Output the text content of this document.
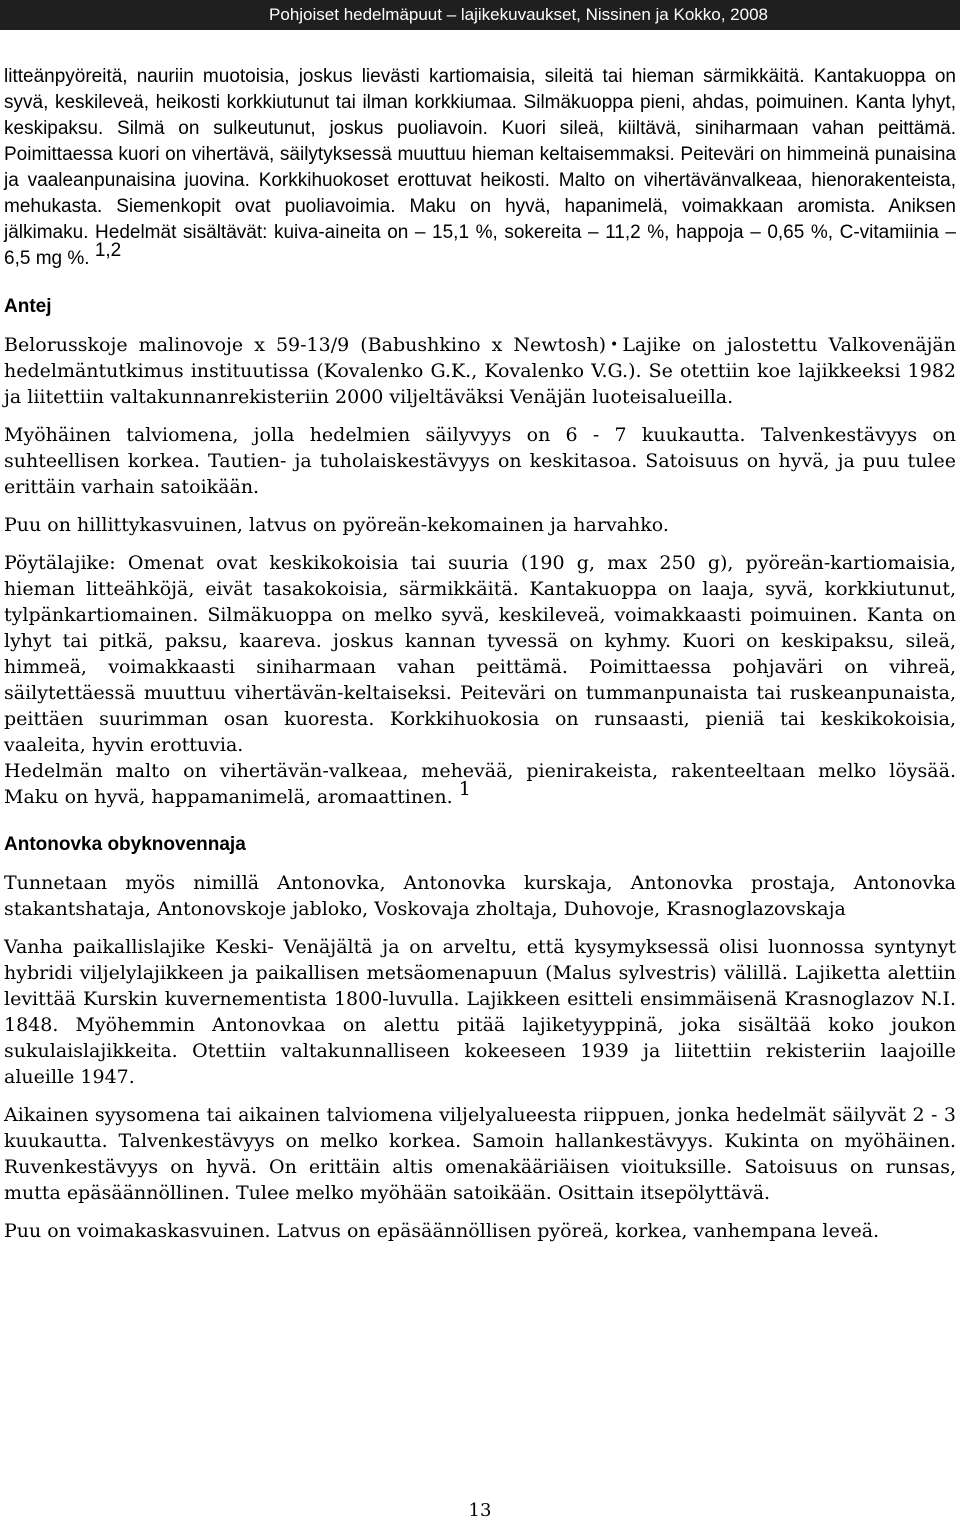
Pohjoiset hedelmäpuut – lajikekuvaukset, Nissinen ja Kokko, 2008

litteänpyöreitä, nauriin muotoisia, joskus lievästi kartiomaisia, sileitä tai hieman särmikkäitä. Kantakuoppa on syvä, keskileveä, heikosti korkkiutunut tai ilman korkkiumaa. Silmäkuoppa pieni, ahdas, poimuinen. Kanta lyhyt, keskipaksu. Silmä on sulkeutunut, joskus puoliavoin. Kuori sileä, kiiltävä, siniharmaan vahan peittämä. Poimittaessa kuori on vihertävä, säilytyksessä muuttuu hieman keltaisemmaksi. Peiteväri on himmeinä punaisina ja vaaleanpunaisina juovina. Korkkihuokoset erottuvat heikosti. Malto on vihertävänvalkeaa, hienorakenteista, mehukasta. Siemenkopit ovat puoliavoimia. Maku on hyvä, hapanimelä, voimakkaan aromista. Aniksen jälkimaku. Hedelmät sisältävät: kuiva-aineita on – 15,1 %, sokereita – 11,2 %, happoja – 0,65 %, C-vitamiinia – 6,5 mg %. $^{1,2}$

Antej

Belorusskoje malinovoje x 59-13/9 (Babushkino x Newtosh) • Lajike on jalostettu Valkovenäjän hedelmäntutkimus instituutissa (Kovalenko G.K., Kovalenko V.G.). Se otettiin koe lajikkeeksi 1982 ja liitettiin valtakunnanrekisteriin 2000 viljeltäväksi Venäjän luoteisalueilla.

Myöhäinen talviomena, jolla hedelmien säilyvyys on 6 - 7 kuukautta. Talvenkestävyys on suhteellisen korkea. Tautien- ja tuholaiskestävyys on keskitasoa. Satoisuus on hyvä, ja puu tulee erittäin varhain satoikään.

Puu on hillittykasvuinen, latvus on pyöreän-kekomainen ja harvahko.

Pöytälajike: Omenat ovat keskikokoisia tai suuria (190 g, max 250 g), pyöreän-kartiomaisia, hieman litteähköjä, eivät tasakokoisia, särmikkäitä. Kantakuoppa on laaja, syvä, korkkiutunut, tylpänkartiomainen. Silmäkuoppa on melko syvä, keskileveä, voimakkaasti poimuinen. Kanta on lyhyt tai pitkä, paksu, kaareva. joskus kannan tyvessä on kyhmy. Kuori on keskipaksu, sileä, himmeä, voimakkaasti siniharmaan vahan peittämä. Poimittaessa pohjaväri on vihreä, säilytettäessä muuttuu vihertävän-keltaiseksi. Peiteväri on tummanpunaista tai ruskeanpunaista, peittäen suurimman osan kuoresta. Korkkihuokosia on runsaasti, pieniä tai keskikokoisia, vaaleita, hyvin erottuvia.

Hedelmän malto on vihertävän-valkeaa, mehevää, pienirakeista, rakenteeltaan melko löysää. Maku on hyvä, happamanimelä, aromaattinen. $^1$

Antonovka obyknovennaja

Tunnetaan myös nimillä Antonovka, Antonovka kurskaja, Antonovka prostaja, Antonovka stakantshataja, Antonovskoje jabloko, Voskovaja zholtaja, Duhovoje, Krasnoglazovskaja

Vanha paikallislajike Keski- Venäjältä ja on arveltu, että kysymyksessä olisi luonnossa syntynyt hybridi viljelylajikkeen ja paikallisen metsäomenapuun (Malus sylvestris) välillä. Lajiketta alettiin levittää Kurskin kuvernementista 1800-luvulla. Lajikkeen esitteli ensimmäisenä Krasnoglazov N.I. 1848. Myöhemmin Antonovkaa on alettu pitää lajiketyyppinä, joka sisältää koko joukon sukulaislajikkeita. Otettiin valtakunnalliseen kokeeseen 1939 ja liitettiin rekisteriin laajoille alueille 1947.

Aikainen syysomena tai aikainen talviomena viljelyalueesta riippuen, jonka hedelmät säilyvät 2 - 3 kuukautta. Talvenkestävyys on melko korkea. Samoin hallankestävyys. Kukinta on myöhäinen. Ruvenkestävyys on hyvä. On erittäin altis omenakääriäisen vioituksille. Satoisuus on runsas, mutta epäsäännöllinen. Tulee melko myöhään satoikään. Osittain itsepölyttävä.

Puu on voimakaskasvuinen. Latvus on epäsäännöllisen pyöreä, korkea, vanhempana leveä.

13
